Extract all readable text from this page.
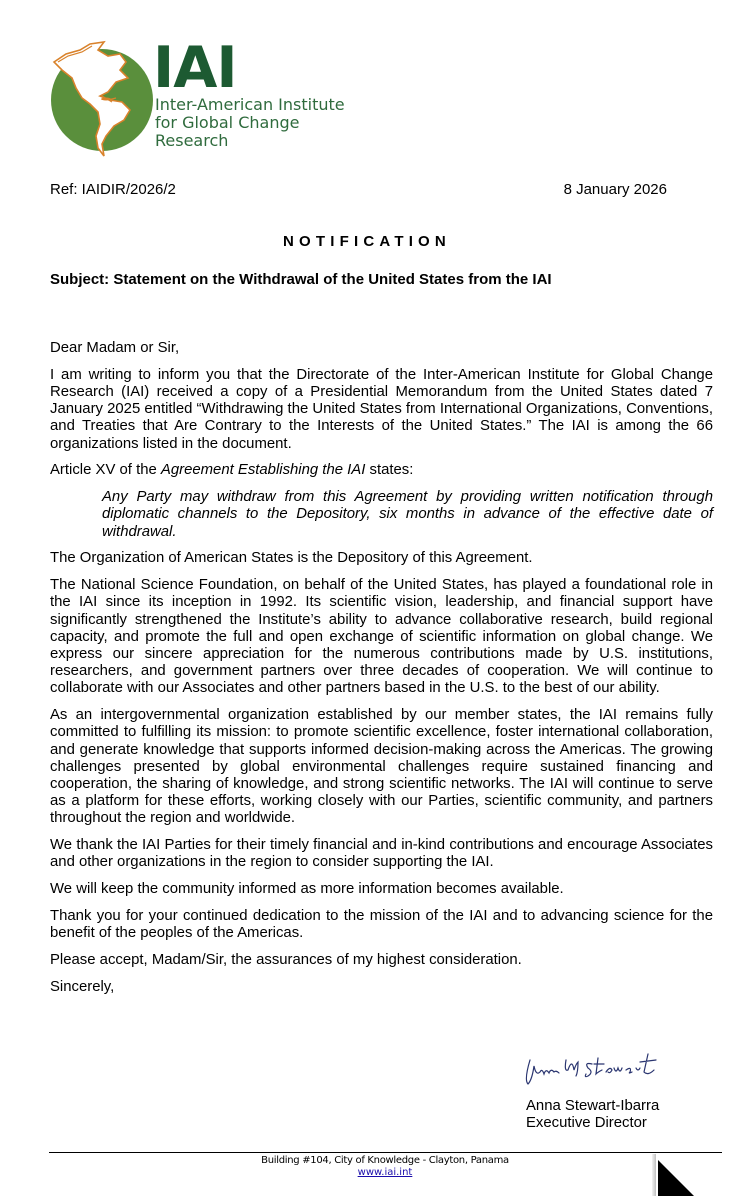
IAI
Inter-American Institute
for Global Change
Research
Ref: IAIDIR/2026/2	8 January 2026
NOTIFICATION
Subject: Statement on the Withdrawal of the United States from the IAI

Dear Madam or Sir,

I am writing to inform you that the Directorate of the Inter-American Institute for Global Change Research (IAI) received a copy of a Presidential Memorandum from the United States dated 7 January 2025 entitled “Withdrawing the United States from International Organizations, Conventions, and Treaties that Are Contrary to the Interests of the United States.” The IAI is among the 66 organizations listed in the document.

Article XV of the Agreement Establishing the IAI states:

Any Party may withdraw from this Agreement by providing written notification through diplomatic channels to the Depository, six months in advance of the effective date of withdrawal.

The Organization of American States is the Depository of this Agreement.

The National Science Foundation, on behalf of the United States, has played a foundational role in the IAI since its inception in 1992. Its scientific vision, leadership, and financial support have significantly strengthened the Institute’s ability to advance collaborative research, build regional capacity, and promote the full and open exchange of scientific information on global change. We express our sincere appreciation for the numerous contributions made by U.S. institutions, researchers, and government partners over three decades of cooperation. We will continue to collaborate with our Associates and other partners based in the U.S. to the best of our ability.

As an intergovernmental organization established by our member states, the IAI remains fully committed to fulfilling its mission: to promote scientific excellence, foster international collaboration, and generate knowledge that supports informed decision-making across the Americas. The growing challenges presented by global environmental challenges require sustained financing and cooperation, the sharing of knowledge, and strong scientific networks. The IAI will continue to serve as a platform for these efforts, working closely with our Parties, scientific community, and partners throughout the region and worldwide.

We thank the IAI Parties for their timely financial and in-kind contributions and encourage Associates and other organizations in the region to consider supporting the IAI.

We will keep the community informed as more information becomes available.

Thank you for your continued dedication to the mission of the IAI and to advancing science for the benefit of the peoples of the Americas.

Please accept, Madam/Sir, the assurances of my highest consideration.

Sincerely,

Anna Stewart-Ibarra
Executive Director
Building #104, City of Knowledge - Clayton, Panama
www.iai.int
